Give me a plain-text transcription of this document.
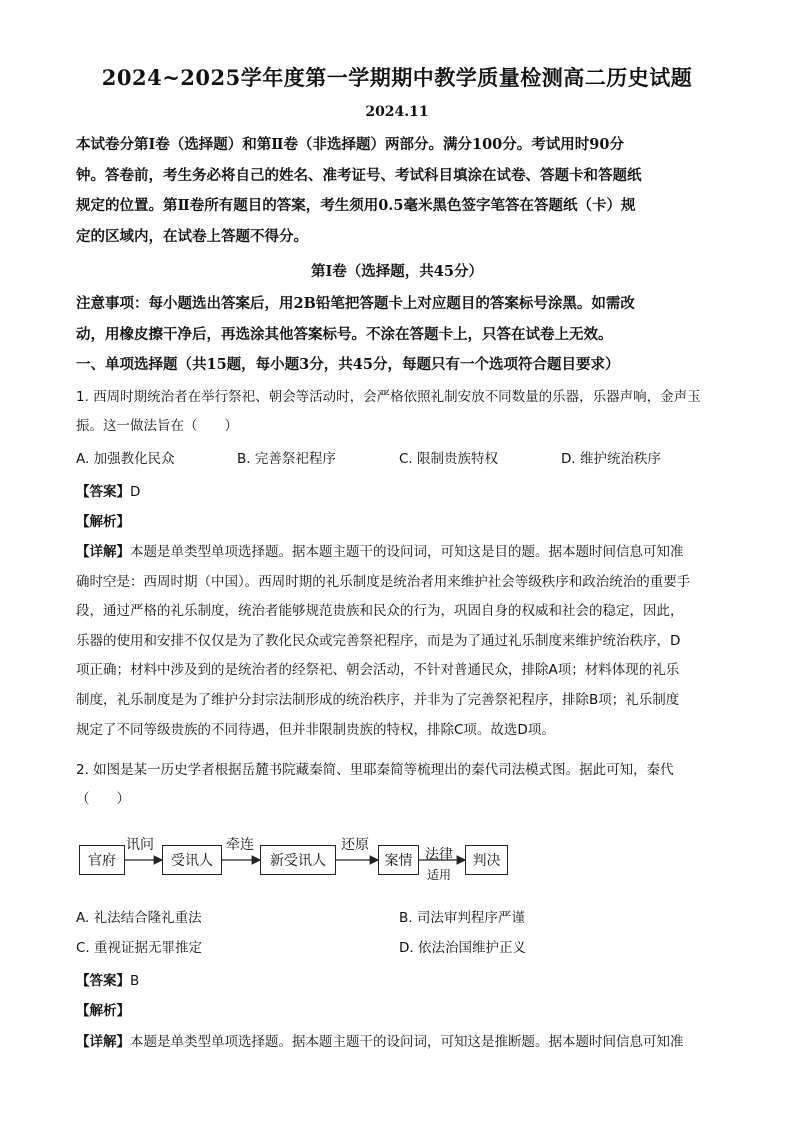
2024~2025学年度第一学期期中教学质量检测高二历史试题
2024.11
本试卷分第Ⅰ卷（选择题）和第Ⅱ卷（非选择题）两部分。满分100分。考试用时90分
钟。答卷前，考生务必将自己的姓名、准考证号、考试科目填涂在试卷、答题卡和答题纸
规定的位置。第Ⅱ卷所有题目的答案，考生须用0.5毫米黑色签字笔答在答题纸（卡）规
定的区域内，在试卷上答题不得分。
第Ⅰ卷（选择题，共45分）
注意事项：每小题选出答案后，用2B铅笔把答题卡上对应题目的答案标号涂黑。如需改
动，用橡皮擦干净后，再选涂其他答案标号。不涂在答题卡上，只答在试卷上无效。
一、单项选择题（共15题，每小题3分，共45分，每题只有一个选项符合题目要求）
1. 西周时期统治者在举行祭祀、朝会等活动时，会严格依照礼制安放不同数量的乐器，乐器声响，金声玉
振。这一做法旨在（　　）
A. 加强教化民众	B. 完善祭祀程序	C. 限制贵族特权	D. 维护统治秩序
【答案】D
【解析】
【详解】本题是单类型单项选择题。据本题主题干的设问词，可知这是目的题。据本题时间信息可知准
确时空是：西周时期（中国）。西周时期的礼乐制度是统治者用来维护社会等级秩序和政治统治的重要手
段，通过严格的礼乐制度，统治者能够规范贵族和民众的行为，巩固自身的权威和社会的稳定，因此，
乐器的使用和安排不仅仅是为了教化民众或完善祭祀程序，而是为了通过礼乐制度来维护统治秩序，D
项正确；材料中涉及到的是统治者的经祭祀、朝会活动，不针对普通民众，排除A项；材料体现的礼乐
制度，礼乐制度是为了维护分封宗法制形成的统治秩序，并非为了完善祭祀程序，排除B项；礼乐制度
规定了不同等级贵族的不同待遇，但并非限制贵族的特权，排除C项。故选D项。
2. 如图是某一历史学者根据岳麓书院藏秦简、里耶秦简等梳理出的秦代司法模式图。据此可知，秦代
（　　）
官府	受讯人	新受讯人	案情	判决
讯问	牵连	还原
法律
适用
A. 礼法结合隆礼重法	B. 司法审判程序严谨
C. 重视证据无罪推定	D. 依法治国维护正义
【答案】B
【解析】
【详解】本题是单类型单项选择题。据本题主题干的设问词，可知这是推断题。据本题时间信息可知准
